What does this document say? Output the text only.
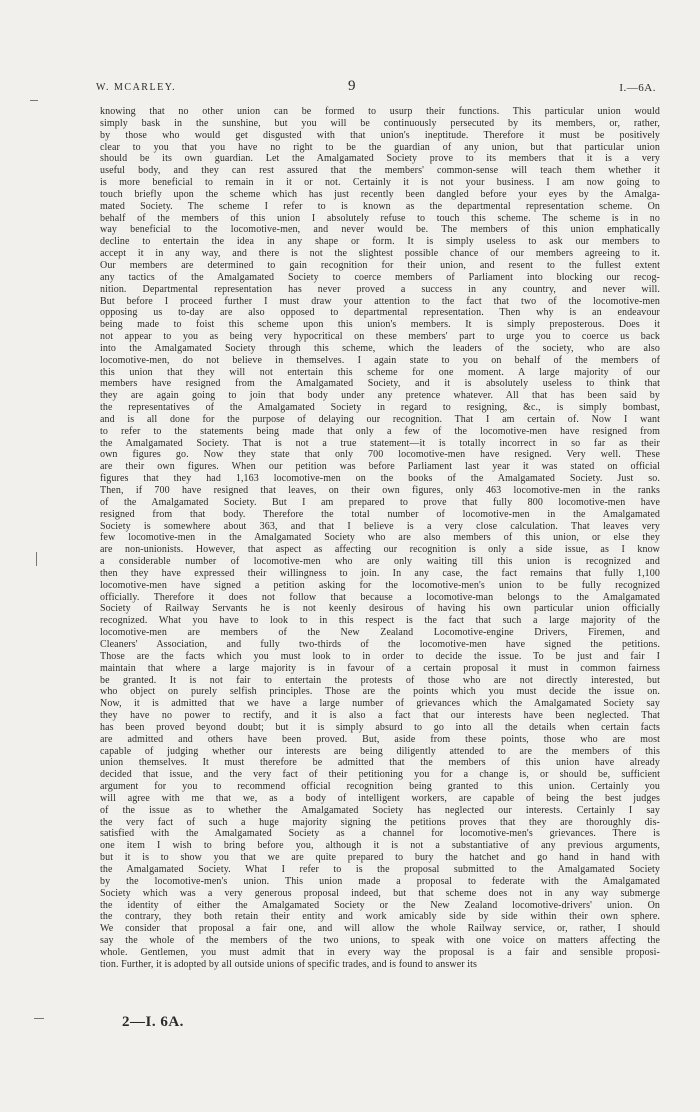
W. MCARLEY.	9	I.—6A.
knowing that no other union can be formed to usurp their functions. This particular union would
simply bask in the sunshine, but you will be continuously persecuted by its members, or, rather,
by those who would get disgusted with that union's ineptitude. Therefore it must be positively
clear to you that you have no right to be the guardian of any union, but that particular union
should be its own guardian. Let the Amalgamated Society prove to its members that it is a very
useful body, and they can rest assured that the members' common-sense will teach them whether it
is more beneficial to remain in it or not. Certainly it is not your business. I am now going to
touch briefly upon the scheme which has just recently been dangled before your eyes by the Amalga-
mated Society. The scheme I refer to is known as the departmental representation scheme. On
behalf of the members of this union I absolutely refuse to touch this scheme. The scheme is in no
way beneficial to the locomotive-men, and never would be. The members of this union emphatically
decline to entertain the idea in any shape or form. It is simply useless to ask our members to
accept it in any way, and there is not the slightest possible chance of our members agreeing to it.
Our members are determined to gain recognition for their union, and resent to the fullest extent
any tactics of the Amalgamated Society to coerce members of Parliament into blocking our recog-
nition. Departmental representation has never proved a success in any country, and never will.
But before I proceed further I must draw your attention to the fact that two of the locomotive-men
opposing us to-day are also opposed to departmental representation. Then why is an endeavour
being made to foist this scheme upon this union's members. It is simply preposterous. Does it
not appear to you as being very hypocritical on these members' part to urge you to coerce us back
into the Amalgamated Society through this scheme, which the leaders of the society, who are also
locomotive-men, do not believe in themselves. I again state to you on behalf of the members of
this union that they will not entertain this scheme for one moment. A large majority of our
members have resigned from the Amalgamated Society, and it is absolutely useless to think that
they are again going to join that body under any pretence whatever. All that has been said by
the representatives of the Amalgamated Society in regard to resigning, &c., is simply bombast,
and is all done for the purpose of delaying our recognition. That I am certain of. Now I want
to refer to the statements being made that only a few of the locomotive-men have resigned from
the Amalgamated Society. That is not a true statement—it is totally incorrect in so far as their
own figures go. Now they state that only 700 locomotive-men have resigned. Very well. These
are their own figures. When our petition was before Parliament last year it was stated on official
figures that they had 1,163 locomotive-men on the books of the Amalgamated Society. Just so.
Then, if 700 have resigned that leaves, on their own figures, only 463 locomotive-men in the ranks
of the Amalgamated Society. But I am prepared to prove that fully 800 locomotive-men have
resigned from that body. Therefore the total number of locomotive-men in the Amalgamated
Society is somewhere about 363, and that I believe is a very close calculation. That leaves very
few locomotive-men in the Amalgamated Society who are also members of this union, or else they
are non-unionists. However, that aspect as affecting our recognition is only a side issue, as I know
a considerable number of locomotive-men who are only waiting till this union is recognized and
then they have expressed their willingness to join. In any case, the fact remains that fully 1,100
locomotive-men have signed a petition asking for the locomotive-men's union to be fully recognized
officially. Therefore it does not follow that because a locomotive-man belongs to the Amalgamated
Society of Railway Servants he is not keenly desirous of having his own particular union officially
recognized. What you have to look to in this respect is the fact that such a large majority of the
locomotive-men are members of the New Zealand Locomotive-engine Drivers, Firemen, and
Cleaners' Association, and fully two-thirds of the locomotive-men have signed the petitions.
Those are the facts which you must look to in order to decide the issue. To be just and fair I
maintain that where a large majority is in favour of a certain proposal it must in common fairness
be granted. It is not fair to entertain the protests of those who are not directly interested, but
who object on purely selfish principles. Those are the points which you must decide the issue on.
Now, it is admitted that we have a large number of grievances which the Amalgamated Society say
they have no power to rectify, and it is also a fact that our interests have been neglected. That
has been proved beyond doubt; but it is simply absurd to go into all the details when certain facts
are admitted and others have been proved. But, aside from these points, those who are most
capable of judging whether our interests are being diligently attended to are the members of this
union themselves. It must therefore be admitted that the members of this union have already
decided that issue, and the very fact of their petitioning you for a change is, or should be, sufficient
argument for you to recommend official recognition being granted to this union. Certainly you
will agree with me that we, as a body of intelligent workers, are capable of being the best judges
of the issue as to whether the Amalgamated Society has neglected our interests. Certainly I say
the very fact of such a huge majority signing the petitions proves that they are thoroughly dis-
satisfied with the Amalgamated Society as a channel for locomotive-men's grievances. There is
one item I wish to bring before you, although it is not a substantiative of any previous arguments,
but it is to show you that we are quite prepared to bury the hatchet and go hand in hand with
the Amalgamated Society. What I refer to is the proposal submitted to the Amalgamated Society
by the locomotive-men's union. This union made a proposal to federate with the Amalgamated
Society which was a very generous proposal indeed, but that scheme does not in any way submerge
the identity of either the Amalgamated Society or the New Zealand locomotive-drivers' union. On
the contrary, they both retain their entity and work amicably side by side within their own sphere.
We consider that proposal a fair one, and will allow the whole Railway service, or, rather, I should
say the whole of the members of the two unions, to speak with one voice on matters affecting the
whole. Gentlemen, you must admit that in every way the proposal is a fair and sensible proposi-
tion. Further, it is adopted by all outside unions of specific trades, and is found to answer its
2—I. 6A.
